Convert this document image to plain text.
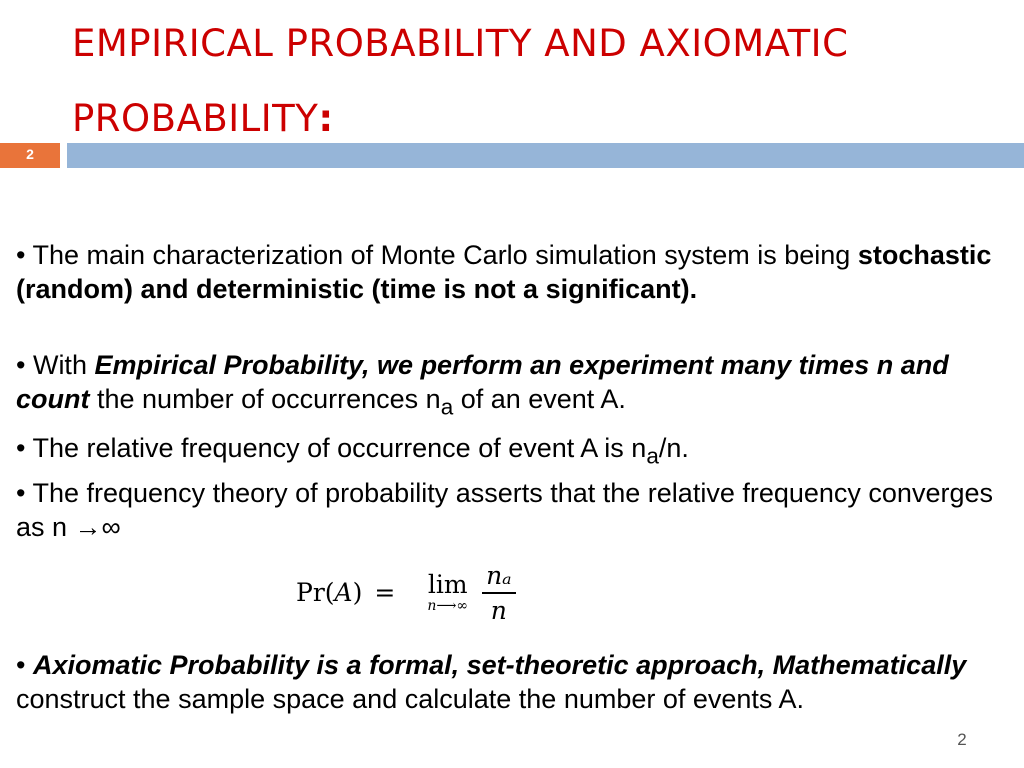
EMPIRICAL PROBABILITY AND AXIOMATIC
PROBABILITY:
2

• The main characterization of Monte Carlo simulation system is being stochastic (random) and deterministic (time is not a significant).

• With Empirical Probability, we perform an experiment many times n and count the number of occurrences $n_a$ of an event A.

• The relative frequency of occurrence of event A is $n_a/n$.

• The frequency theory of probability asserts that the relative frequency converges as n →∞

Pr( A ) = lim
n⟶∞ $\frac{\text{nₐ}}{n}$

• Axiomatic Probability is a formal, set-theoretic approach, Mathematically construct the sample space and calculate the number of events A.

2
